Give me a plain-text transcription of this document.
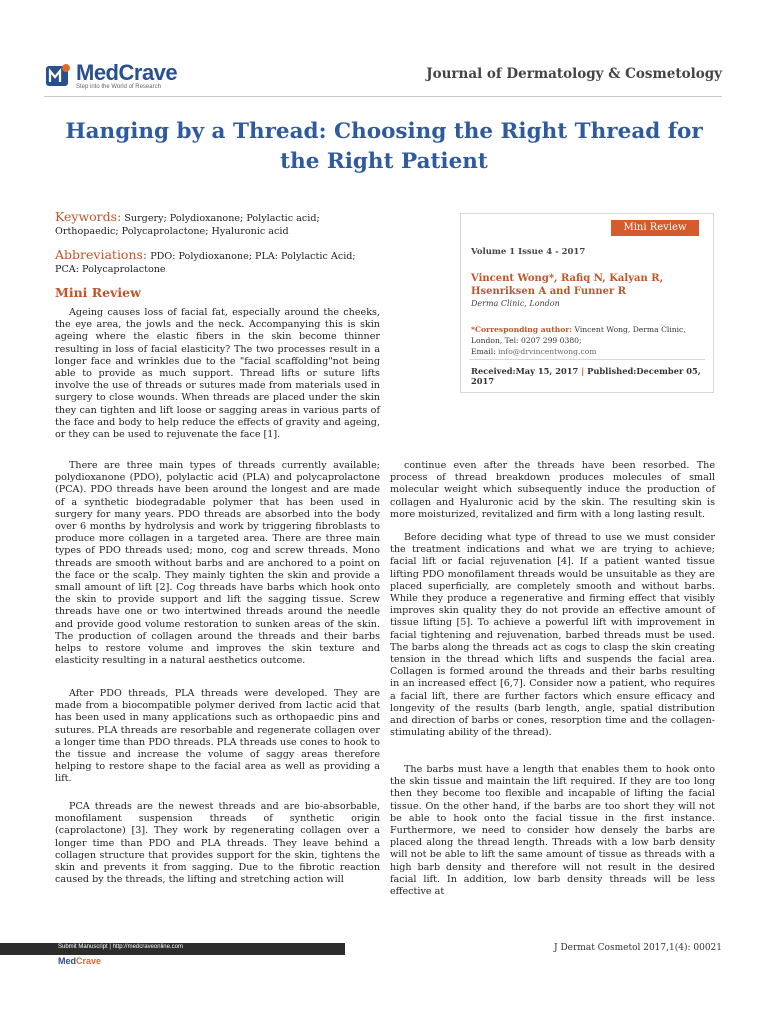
MedCrave
Step into the World of Research
Journal of Dermatology & Cosmetology
Hanging by a Thread: Choosing the Right Thread for the Right Patient
Keywords: Surgery; Polydioxanone; Polylactic acid; Orthopaedic; Polycaprolactone; Hyaluronic acid
Abbreviations: PDO: Polydioxanone; PLA: Polylactic Acid; PCA: Polycaprolactone
Mini Review
Mini Review
Volume 1 Issue 4 - 2017
Vincent Wong*, Rafiq N, Kalyan R, Hsenriksen A and Funner R
Derma Clinic, London
*Corresponding author: Vincent Wong, Derma Clinic, London, Tel: 0207 299 0380;
Email: info@drvincentwong.com
Received:May 15, 2017 | Published:December 05, 2017

Ageing causes loss of facial fat, especially around the cheeks, the eye area, the jowls and the neck. Accompanying this is skin ageing where the elastic fibers in the skin become thinner resulting in loss of facial elasticity? The two processes result in a longer face and wrinkles due to the "facial scaffolding"not being able to provide as much support. Thread lifts or suture lifts involve the use of threads or sutures made from materials used in surgery to close wounds. When threads are placed under the skin they can tighten and lift loose or sagging areas in various parts of the face and body to help reduce the effects of gravity and ageing, or they can be used to rejuvenate the face [1].

There are three main types of threads currently available; polydioxanone (PDO), polylactic acid (PLA) and polycaprolactone (PCA). PDO threads have been around the longest and are made of a synthetic biodegradable polymer that has been used in surgery for many years. PDO threads are absorbed into the body over 6 months by hydrolysis and work by triggering fibroblasts to produce more collagen in a targeted area. There are three main types of PDO threads used; mono, cog and screw threads. Mono threads are smooth without barbs and are anchored to a point on the face or the scalp. They mainly tighten the skin and provide a small amount of lift [2]. Cog threads have barbs which hook onto the skin to provide support and lift the sagging tissue. Screw threads have one or two intertwined threads around the needle and provide good volume restoration to sunken areas of the skin. The production of collagen around the threads and their barbs helps to restore volume and improves the skin texture and elasticity resulting in a natural aesthetics outcome.

After PDO threads, PLA threads were developed. They are made from a biocompatible polymer derived from lactic acid that has been used in many applications such as orthopaedic pins and sutures. PLA threads are resorbable and regenerate collagen over a longer time than PDO threads. PLA threads use cones to hook to the tissue and increase the volume of saggy areas therefore helping to restore shape to the facial area as well as providing a lift.

PCA threads are the newest threads and are bio-absorbable, monofilament suspension threads of synthetic origin (caprolactone) [3]. They work by regenerating collagen over a longer time than PDO and PLA threads. They leave behind a collagen structure that provides support for the skin, tightens the skin and prevents it from sagging. Due to the fibrotic reaction caused by the threads, the lifting and stretching action will

continue even after the threads have been resorbed. The process of thread breakdown produces molecules of small molecular weight which subsequently induce the production of collagen and Hyaluronic acid by the skin. The resulting skin is more moisturized, revitalized and firm with a long lasting result.

Before deciding what type of thread to use we must consider the treatment indications and what we are trying to achieve; facial lift or facial rejuvenation [4]. If a patient wanted tissue lifting PDO monofilament threads would be unsuitable as they are placed superficially, are completely smooth and without barbs. While they produce a regenerative and firming effect that visibly improves skin quality they do not provide an effective amount of tissue lifting [5]. To achieve a powerful lift with improvement in facial tightening and rejuvenation, barbed threads must be used. The barbs along the threads act as cogs to clasp the skin creating tension in the thread which lifts and suspends the facial area. Collagen is formed around the threads and their barbs resulting in an increased effect [6,7]. Consider now a patient, who requires a facial lift, there are further factors which ensure efficacy and longevity of the results (barb length, angle, spatial distribution and direction of barbs or cones, resorption time and the collagen-stimulating ability of the thread).

The barbs must have a length that enables them to hook onto the skin tissue and maintain the lift required. If they are too long then they become too flexible and incapable of lifting the facial tissue. On the other hand, if the barbs are too short they will not be able to hook onto the facial tissue in the first instance. Furthermore, we need to consider how densely the barbs are placed along the thread length. Threads with a low barb density will not be able to lift the same amount of tissue as threads with a high barb density and therefore will not result in the desired facial lift. In addition, low barb density threads will be less effective at

Submit Manuscript | http://medcraveonline.com
MedCrave
J Dermat Cosmetol 2017,1(4): 00021
